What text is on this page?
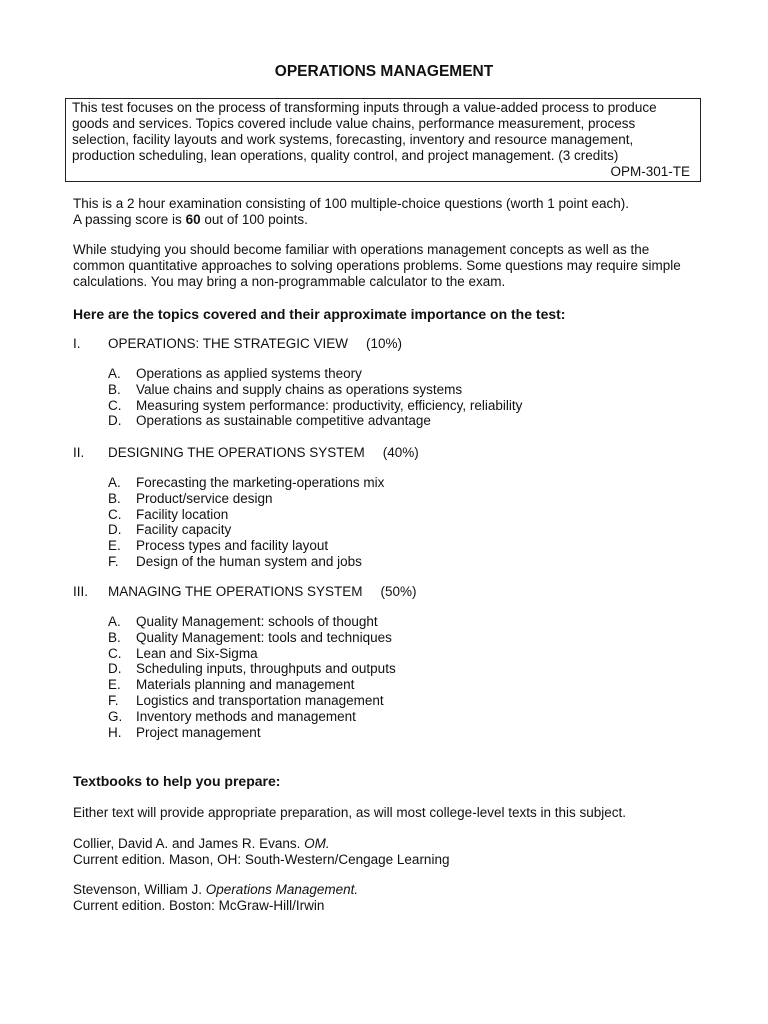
OPERATIONS MANAGEMENT
This test focuses on the process of transforming inputs through a value-added process to produce
goods and services. Topics covered include value chains, performance measurement, process
selection, facility layouts and work systems, forecasting, inventory and resource management,
production scheduling, lean operations, quality control, and project management. (3 credits)
OPM-301-TE
This is a 2 hour examination consisting of 100 multiple-choice questions (worth 1 point each).
A passing score is 60 out of 100 points.
While studying you should become familiar with operations management concepts as well as the
common quantitative approaches to solving operations problems. Some questions may require simple
calculations. You may bring a non-programmable calculator to the exam.
Here are the topics covered and their approximate importance on the test:
I. OPERATIONS: THE STRATEGIC VIEW (10%)
A. Operations as applied systems theory
B. Value chains and supply chains as operations systems
C. Measuring system performance: productivity, efficiency, reliability
D. Operations as sustainable competitive advantage
II. DESIGNING THE OPERATIONS SYSTEM (40%)
A. Forecasting the marketing-operations mix
B. Product/service design
C. Facility location
D. Facility capacity
E. Process types and facility layout
F. Design of the human system and jobs
III. MANAGING THE OPERATIONS SYSTEM (50%)
A. Quality Management: schools of thought
B. Quality Management: tools and techniques
C. Lean and Six-Sigma
D. Scheduling inputs, throughputs and outputs
E. Materials planning and management
F. Logistics and transportation management
G. Inventory methods and management
H. Project management
Textbooks to help you prepare:
Either text will provide appropriate preparation, as will most college-level texts in this subject.
Collier, David A. and James R. Evans. OM.
Current edition. Mason, OH: South-Western/Cengage Learning
Stevenson, William J. Operations Management.
Current edition. Boston: McGraw-Hill/Irwin
